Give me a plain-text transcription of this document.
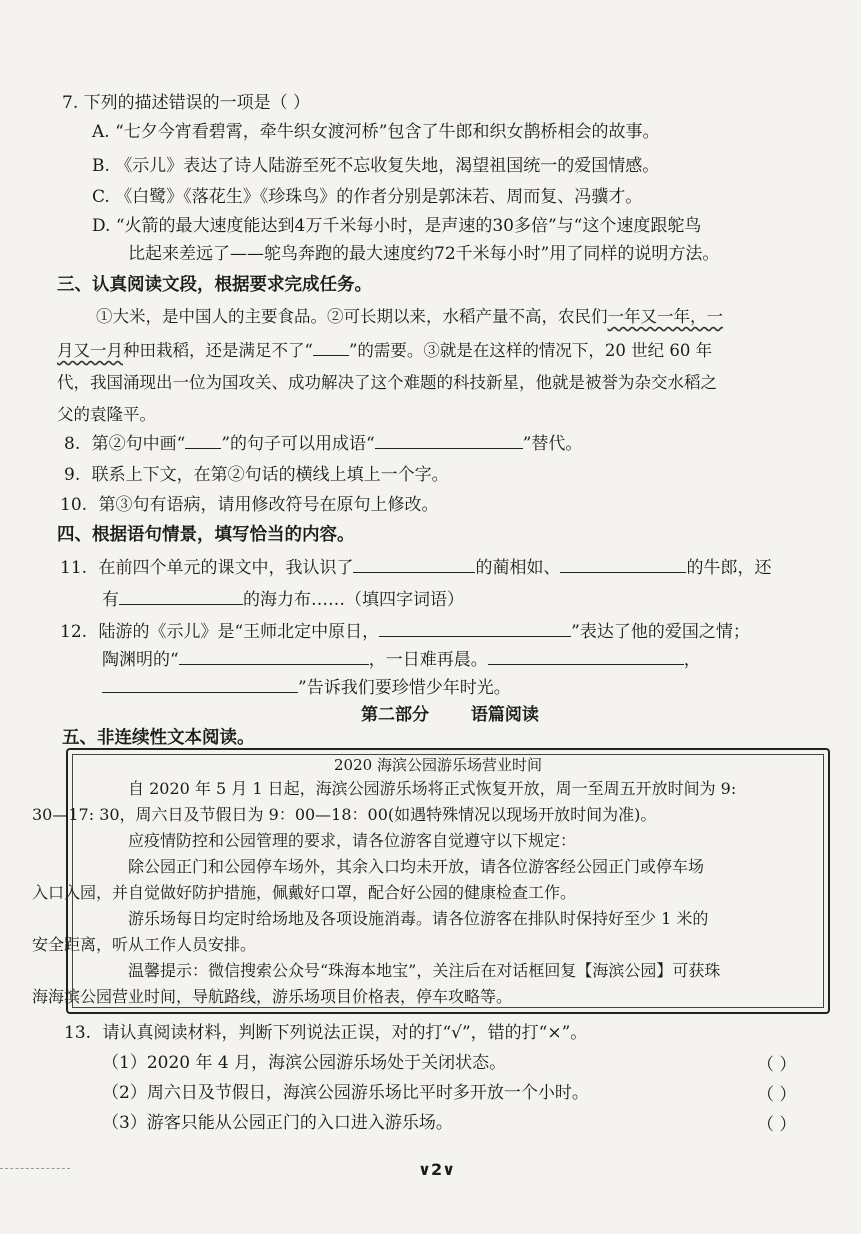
7. 下列的描述错误的一项是（ ）
A. “七夕今宵看碧霄，牵牛织女渡河桥”包含了牛郎和织女鹊桥相会的故事。
B. 《示儿》表达了诗人陆游至死不忘收复失地，渴望祖国统一的爱国情感。
C. 《白鹭》《落花生》《珍珠鸟》的作者分别是郭沫若、周而复、冯骥才。
D. “火箭的最大速度能达到4万千米每小时，是声速的30多倍”与“这个速度跟鸵鸟
比起来差远了——鸵鸟奔跑的最大速度约72千米每小时”用了同样的说明方法。
三、认真阅读文段，根据要求完成任务。
①大米，是中国人的主要食品。②可长期以来，水稻产量不高，农民们一年又一年，一
月又一月种田栽稻，还是满足不了“ ”的需要。③就是在这样的情况下，20 世纪 60 年
代，我国涌现出一位为国攻关、成功解决了这个难题的科技新星，他就是被誉为杂交水稻之
父的袁隆平。
8. 第②句中画“ ”的句子可以用成语“	”替代。
9. 联系上下文，在第②句话的横线上填上一个字。
10. 第③句有语病，请用修改符号在原句上修改。
四、根据语句情景，填写恰当的内容。
11. 在前四个单元的课文中，我认识了	的蔺相如、	的牛郎，还
有	的海力布……（填四字词语）
12. 陆游的《示儿》是“王师北定中原日，	”表达了他的爱国之情；
陶渊明的“	，一日难再晨。	，
”告诉我们要珍惜少年时光。
第二部分 语篇阅读
五、非连续性文本阅读。
2020 海滨公园游乐场营业时间
自 2020 年 5 月 1 日起，海滨公园游乐场将正式恢复开放，周一至周五开放时间为 9:
30—17: 30，周六日及节假日为 9：00—18：00(如遇特殊情况以现场开放时间为准)。
应疫情防控和公园管理的要求，请各位游客自觉遵守以下规定：
除公园正门和公园停车场外，其余入口均未开放，请各位游客经公园正门或停车场
入口入园，并自觉做好防护措施，佩戴好口罩，配合好公园的健康检查工作。
游乐场每日均定时给场地及各项设施消毒。请各位游客在排队时保持好至少 1 米的
安全距离，听从工作人员安排。
温馨提示：微信搜索公众号“珠海本地宝”，关注后在对话框回复【海滨公园】可获珠
海海滨公园营业时间，导航路线，游乐场项目价格表，停车攻略等。
13. 请认真阅读材料，判断下列说法正误，对的打“√”，错的打“×”。
（1）2020 年 4 月，海滨公园游乐场处于关闭状态。	（ ）
（2）周六日及节假日，海滨公园游乐场比平时多开放一个小时。	（ ）
（3）游客只能从公园正门的入口进入游乐场。	（ ）
∨2∨
